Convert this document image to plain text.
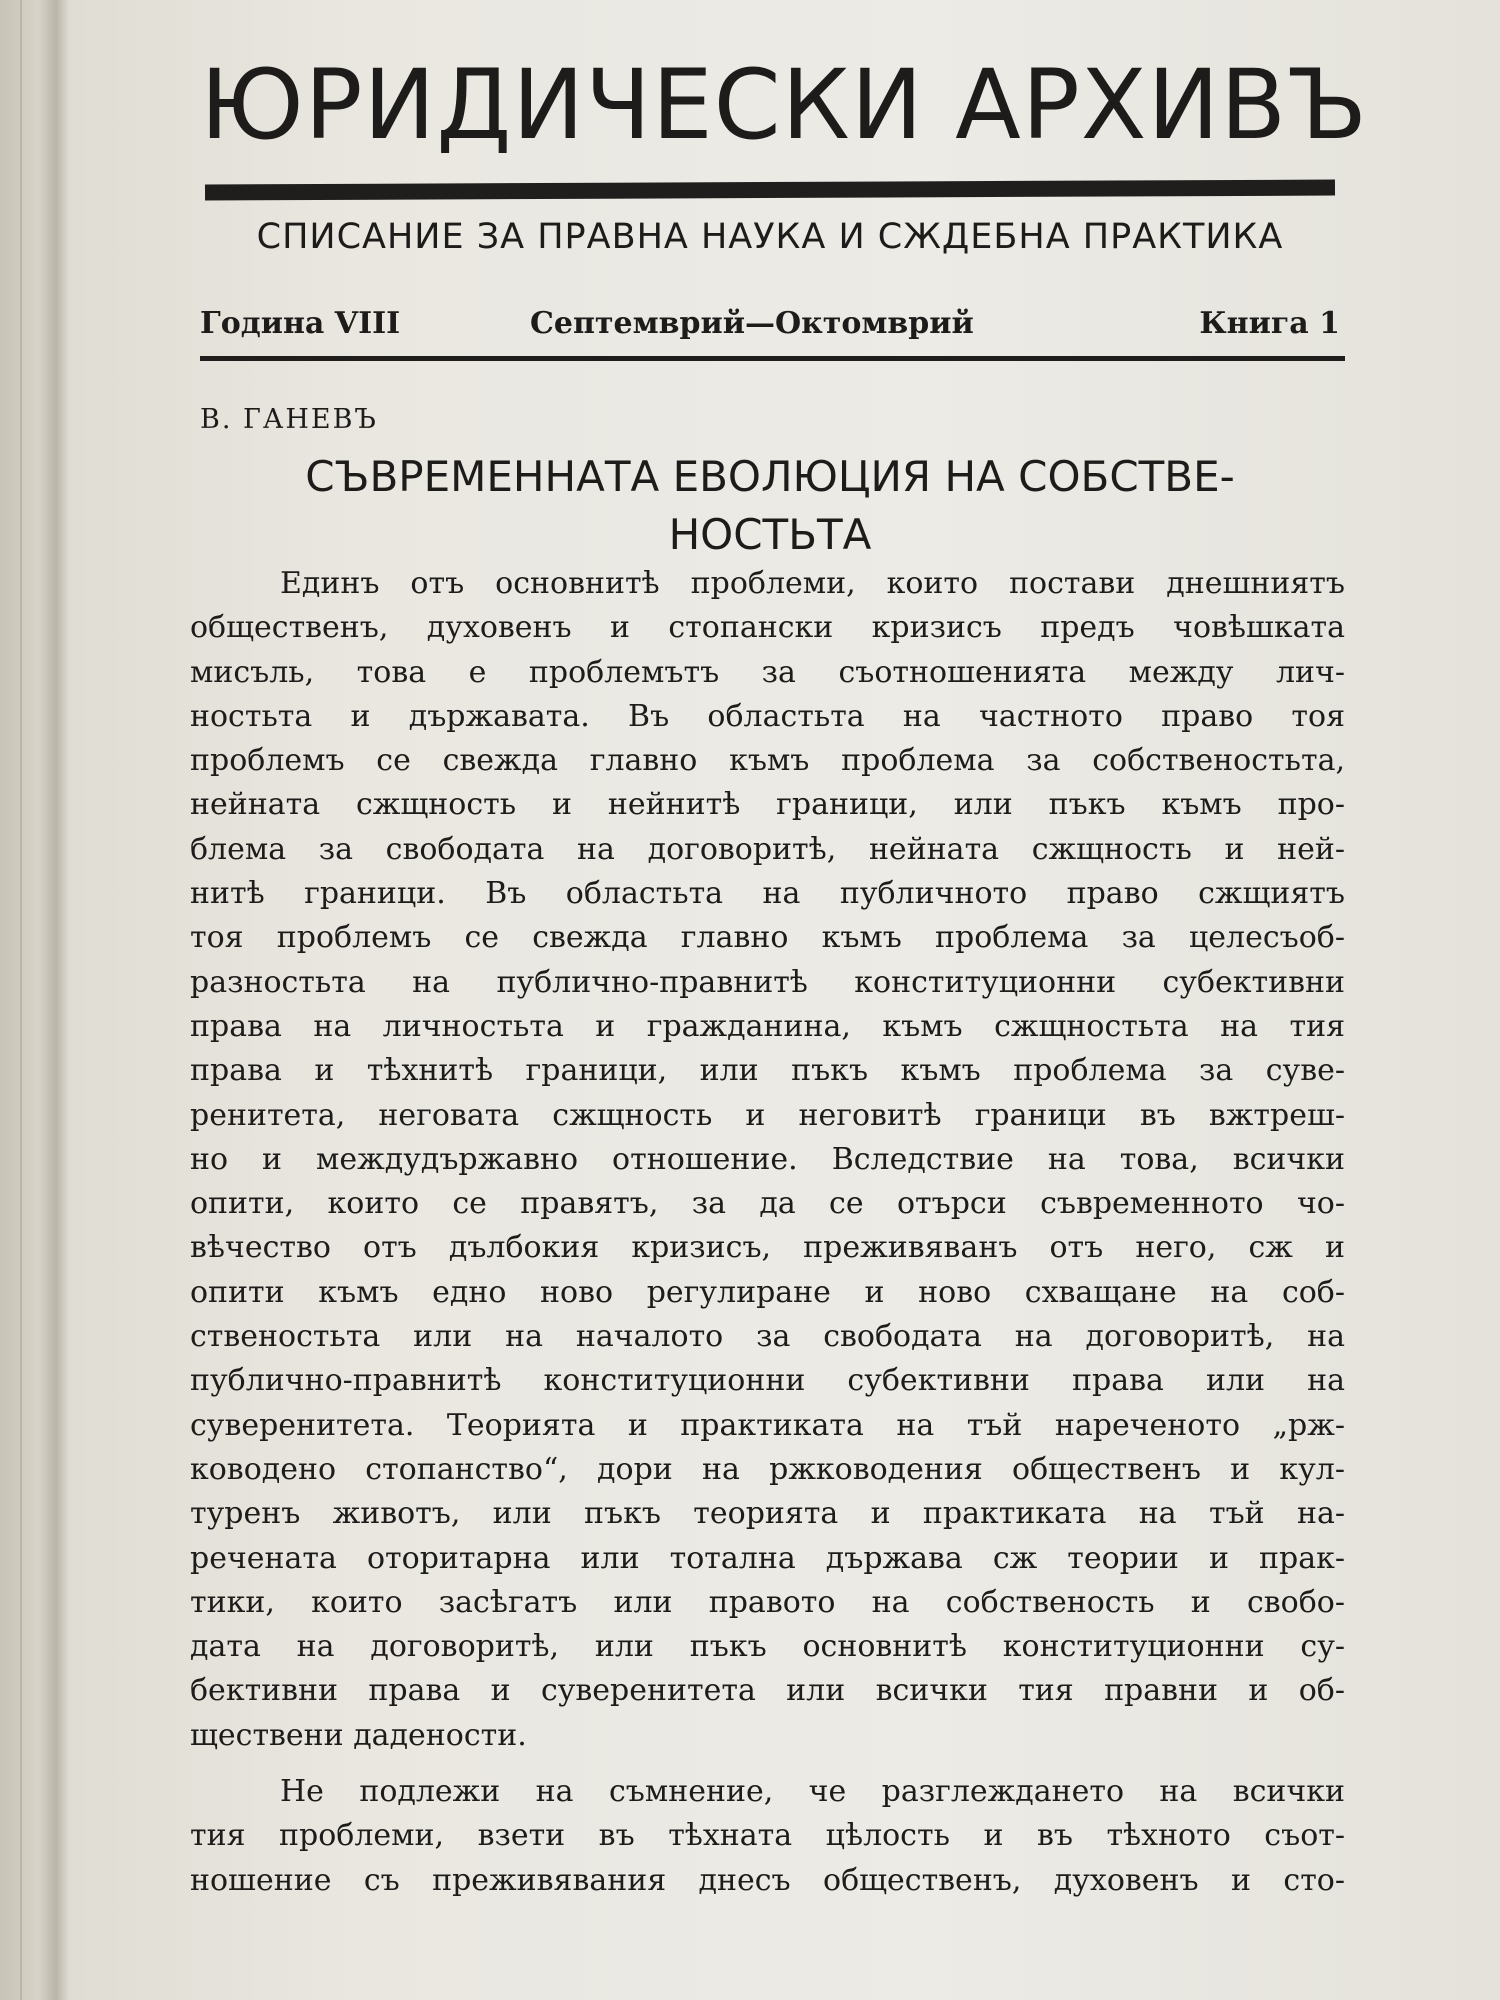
ЮРИДИЧЕСКИ АРХИВЪ
СПИСАНИЕ ЗА ПРАВНА НАУКА И СЖДЕБНА ПРАКТИКА
Година VIII	Септемврий—Октомврий	Книга 1
В. ГАНЕВЪ
СЪВРЕМЕННАТА ЕВОЛЮЦИЯ НА СОБСТВЕ-
НОСТЬТА

Единъ отъ основнитѣ проблеми, които постави днешниятъ
общественъ, духовенъ и стопански кризисъ предъ човѣшката
мисъль, това е проблемътъ за съотношенията между лич-
ностьта и държавата. Въ областьта на частното право тоя
проблемъ се свежда главно къмъ проблема за собственостьта,
нейната сжщность и нейнитѣ граници, или пъкъ къмъ про-
блема за свободата на договоритѣ, нейната сжщность и ней-
нитѣ граници. Въ областьта на публичното право сжщиятъ
тоя проблемъ се свежда главно къмъ проблема за целесъоб-
разностьта на публично-правнитѣ конституционни субективни
права на личностьта и гражданина, къмъ сжщностьта на тия
права и тѣхнитѣ граници, или пъкъ къмъ проблема за суве-
ренитета, неговата сжщность и неговитѣ граници въ вжтреш-
но и междудържавно отношение. Вследствие на това, всички
опити, които се правятъ, за да се отърси съвременното чо-
вѣчество отъ дълбокия кризисъ, преживяванъ отъ него, сж и
опити къмъ едно ново регулиране и ново схващане на соб-
ственостьта или на началото за свободата на договоритѣ, на
публично-правнитѣ конституционни субективни права или на
суверенитета. Теорията и практиката на тъй нареченото „рж-
ководено стопанство“, дори на ржководения общественъ и кул-
туренъ животъ, или пъкъ теорията и практиката на тъй на-
речената оторитарна или тотална държава сж теории и прак-
тики, които засѣгатъ или правото на собственость и свобо-
дата на договоритѣ, или пъкъ основнитѣ конституционни су-
бективни права и суверенитета или всички тия правни и об-
ществени дадености.

Не подлежи на съмнение, че разглеждането на всички
тия проблеми, взети въ тѣхната цѣлость и въ тѣхното съот-
ношение съ преживявания днесъ общественъ, духовенъ и сто-
